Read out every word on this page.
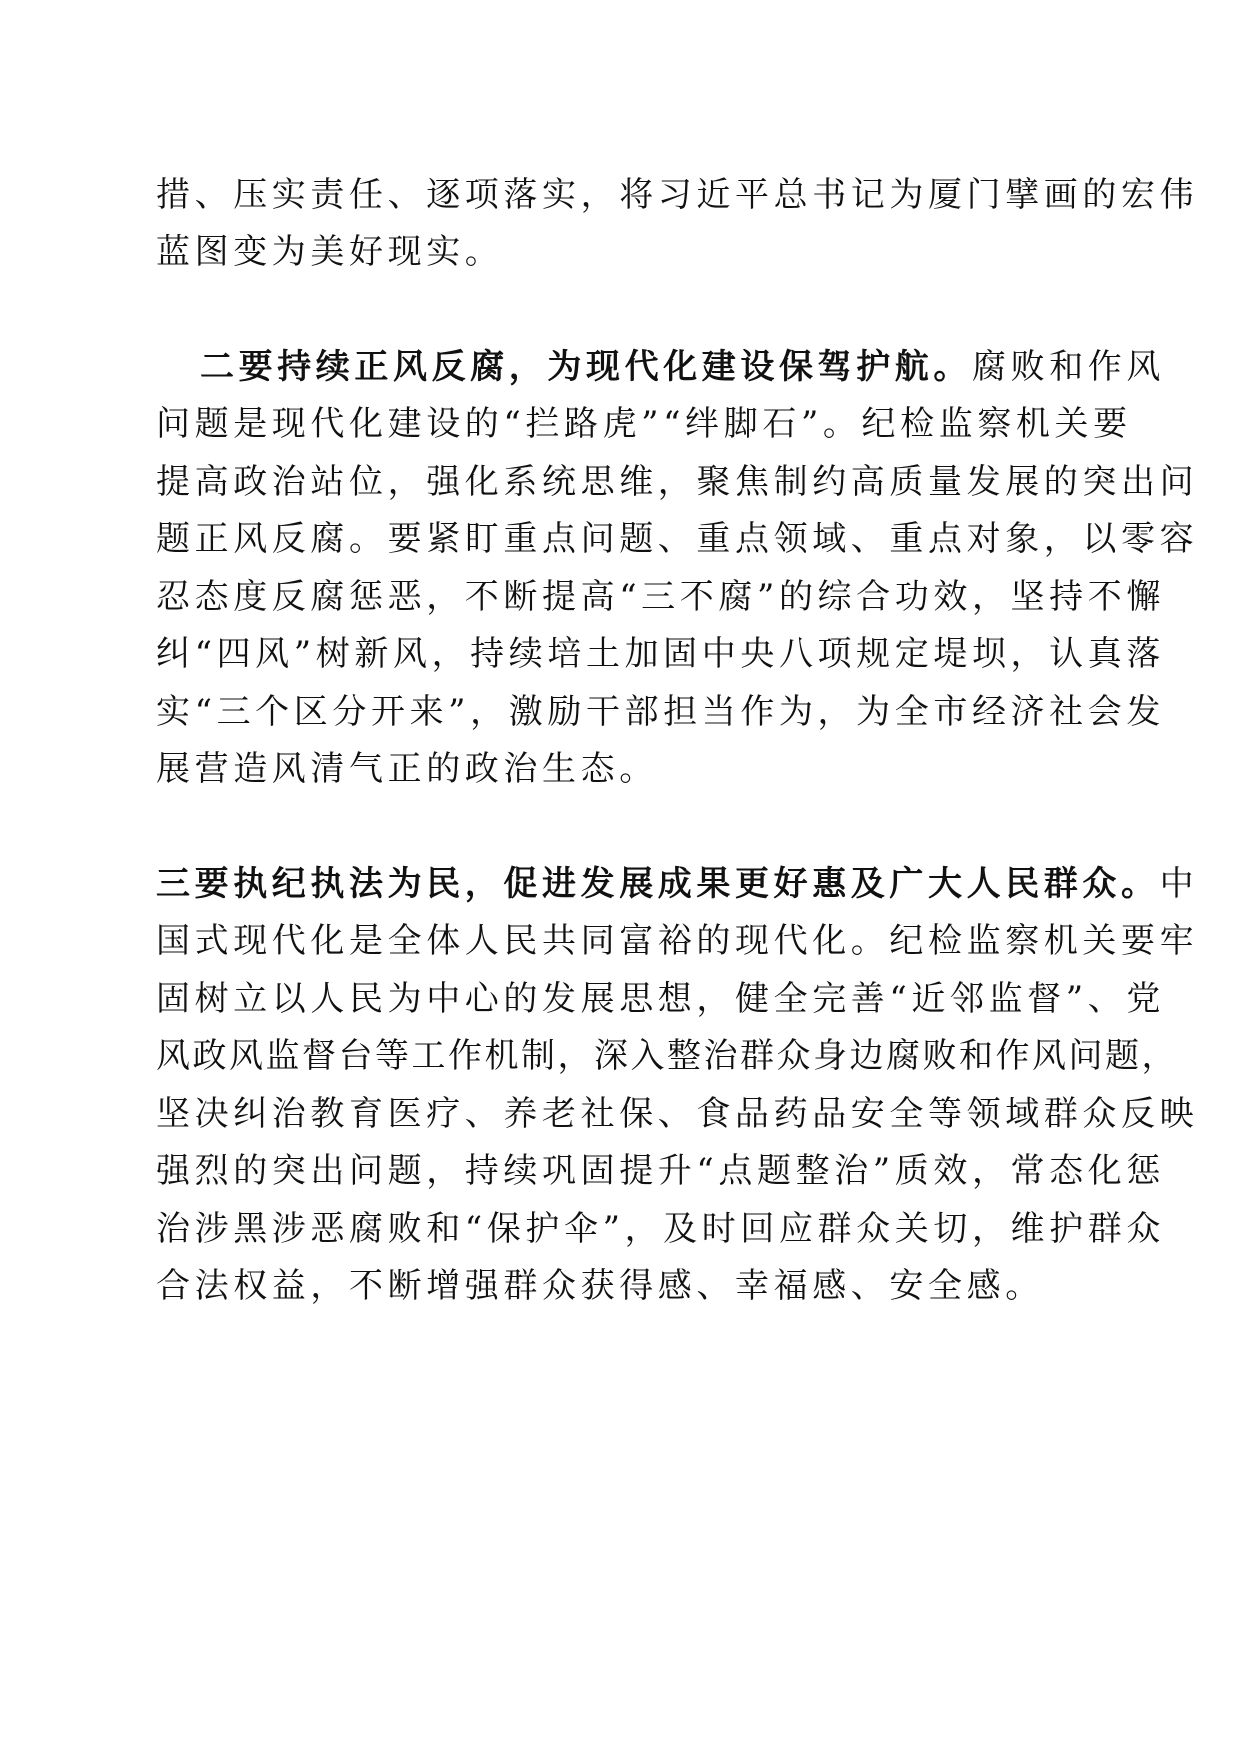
措、压实责任、逐项落实，将习近平总书记为厦门擘画的宏伟
蓝图变为美好现实。
二要持续正风反腐，为现代化建设保驾护航。腐败和作风
问题是现代化建设的“拦路虎”“绊脚石”。纪检监察机关要
提高政治站位，强化系统思维，聚焦制约高质量发展的突出问
题正风反腐。要紧盯重点问题、重点领域、重点对象，以零容
忍态度反腐惩恶，不断提高“三不腐”的综合功效，坚持不懈
纠“四风”树新风，持续培土加固中央八项规定堤坝，认真落
实“三个区分开来”，激励干部担当作为，为全市经济社会发
展营造风清气正的政治生态。
三要执纪执法为民，促进发展成果更好惠及广大人民群众。中
国式现代化是全体人民共同富裕的现代化。纪检监察机关要牢
固树立以人民为中心的发展思想，健全完善“近邻监督”、党
风政风监督台等工作机制，深入整治群众身边腐败和作风问题，
坚决纠治教育医疗、养老社保、食品药品安全等领域群众反映
强烈的突出问题，持续巩固提升“点题整治”质效，常态化惩
治涉黑涉恶腐败和“保护伞”，及时回应群众关切，维护群众
合法权益，不断增强群众获得感、幸福感、安全感。
